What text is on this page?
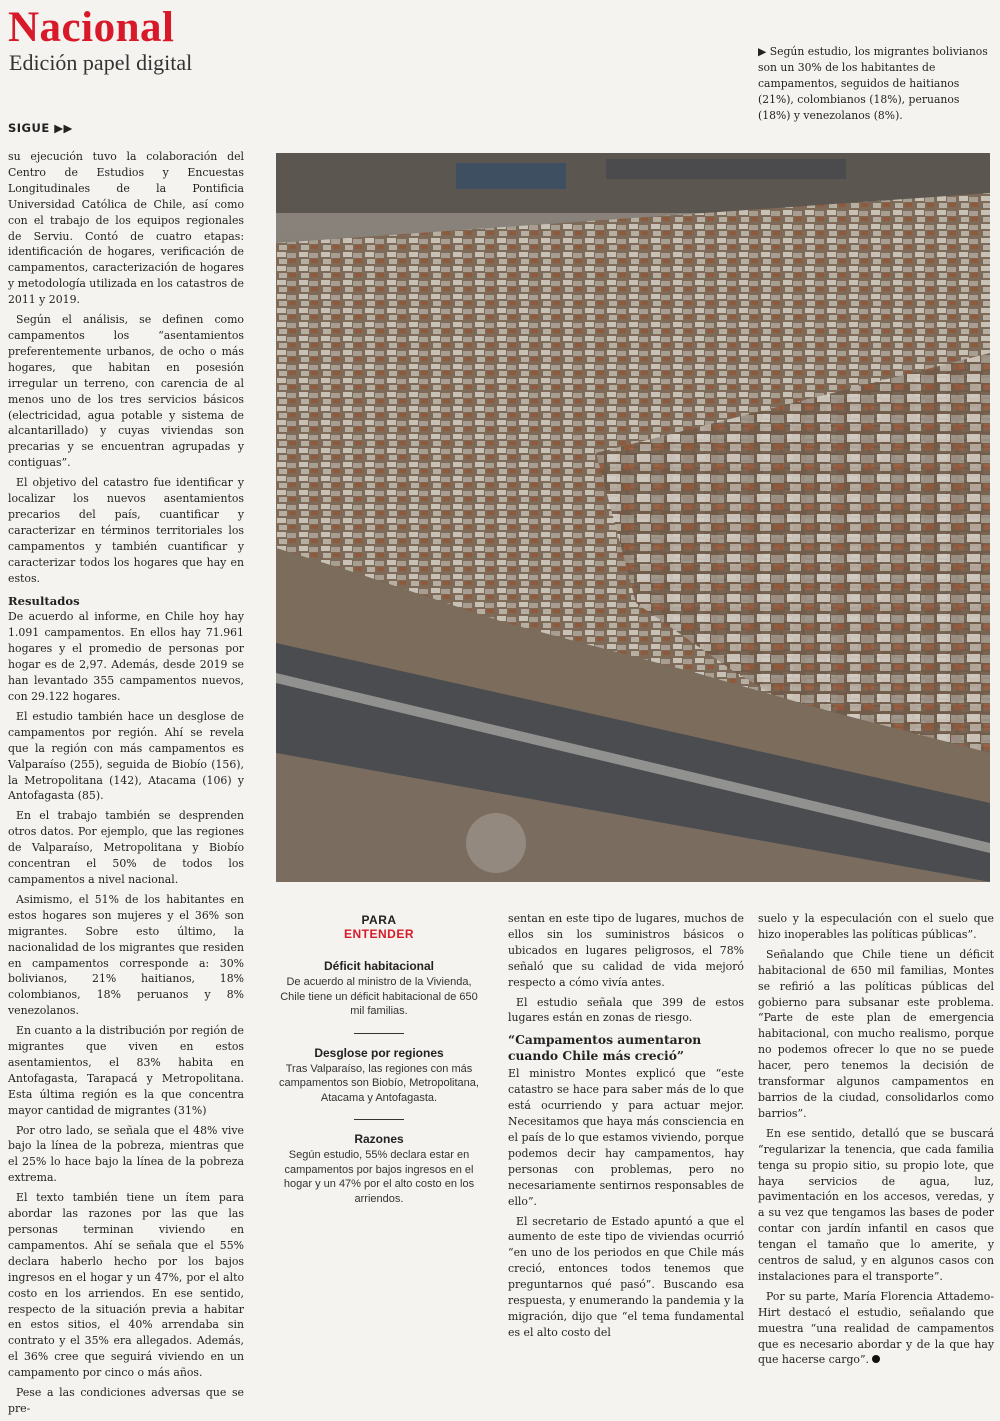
Nacional
Edición papel digital
SIGUE ▶▶
▶ Según estudio, los migrantes bolivianos son un 30% de los habitantes de campamentos, seguidos de haitianos (21%), colombianos (18%), peruanos (18%) y venezolanos (8%).

su ejecución tuvo la colaboración del Centro de Estudios y Encuestas Longitudinales de la Pontificia Universidad Católica de Chile, así como con el trabajo de los equipos regionales de Serviu. Contó de cuatro etapas: identificación de hogares, verificación de campamentos, caracterización de hogares y metodología utilizada en los catastros de 2011 y 2019.

Según el análisis, se definen como campamentos los “asentamientos preferentemente urbanos, de ocho o más hogares, que habitan en posesión irregular un terreno, con carencia de al menos uno de los tres servicios básicos (electricidad, agua potable y sistema de alcantarillado) y cuyas viviendas son precarias y se encuentran agrupadas y contiguas”.

El objetivo del catastro fue identificar y localizar los nuevos asentamientos precarios del país, cuantificar y caracterizar en términos territoriales los campamentos y también cuantificar y caracterizar todos los hogares que hay en estos.

Resultados

De acuerdo al informe, en Chile hoy hay 1.091 campamentos. En ellos hay 71.961 hogares y el promedio de personas por hogar es de 2,97. Además, desde 2019 se han levantado 355 campamentos nuevos, con 29.122 hogares.

El estudio también hace un desglose de campamentos por región. Ahí se revela que la región con más campamentos es Valparaíso (255), seguida de Biobío (156), la Metropolitana (142), Atacama (106) y Antofagasta (85).

En el trabajo también se desprenden otros datos. Por ejemplo, que las regiones de Valparaíso, Metropolitana y Biobío concentran el 50% de todos los campamentos a nivel nacional.

Asimismo, el 51% de los habitantes en estos hogares son mujeres y el 36% son migrantes. Sobre esto último, la nacionalidad de los migrantes que residen en campamentos corresponde a: 30% bolivianos, 21% haitianos, 18% colombianos, 18% peruanos y 8% venezolanos.

En cuanto a la distribución por región de migrantes que viven en estos asentamientos, el 83% habita en Antofagasta, Tarapacá y Metropolitana. Esta última región es la que concentra mayor cantidad de migrantes (31%)

Por otro lado, se señala que el 48% vive bajo la línea de la pobreza, mientras que el 25% lo hace bajo la línea de la pobreza extrema.

El texto también tiene un ítem para abordar las razones por las que las personas terminan viviendo en campamentos. Ahí se señala que el 55% declara haberlo hecho por los bajos ingresos en el hogar y un 47%, por el alto costo en los arriendos. En ese sentido, respecto de la situación previa a habitar en estos sitios, el 40% arrendaba sin contrato y el 35% era allegados. Además, el 36% cree que seguirá viviendo en un campamento por cinco o más años.

Pese a las condiciones adversas que se pre-

PARA
ENTENDER
Déficit habitacional

De acuerdo al ministro de la Vivienda, Chile tiene un déficit habitacional de 650 mil familias.

Desglose por regiones

Tras Valparaíso, las regiones con más campamentos son Biobío, Metropolitana, Atacama y Antofagasta.

Razones

Según estudio, 55% declara estar en campamentos por bajos ingresos en el hogar y un 47% por el alto costo en los arriendos.

sentan en este tipo de lugares, muchos de ellos sin los suministros básicos o ubicados en lugares peligrosos, el 78% señaló que su calidad de vida mejoró respecto a cómo vivía antes.

El estudio señala que 399 de estos lugares están en zonas de riesgo.

“Campamentos aumentaron cuando Chile más creció”

El ministro Montes explicó que “este catastro se hace para saber más de lo que está ocurriendo y para actuar mejor. Necesitamos que haya más consciencia en el país de lo que estamos viviendo, porque podemos decir hay campamentos, hay personas con problemas, pero no necesariamente sentirnos responsables de ello”.

El secretario de Estado apuntó a que el aumento de este tipo de viviendas ocurrió “en uno de los periodos en que Chile más creció, entonces todos tenemos que preguntarnos qué pasó”. Buscando esa respuesta, y enumerando la pandemia y la migración, dijo que “el tema fundamental es el alto costo del

suelo y la especulación con el suelo que hizo inoperables las políticas públicas”.

Señalando que Chile tiene un déficit habitacional de 650 mil familias, Montes se refirió a las políticas públicas del gobierno para subsanar este problema. “Parte de este plan de emergencia habitacional, con mucho realismo, porque no podemos ofrecer lo que no se puede hacer, pero tenemos la decisión de transformar algunos campamentos en barrios de la ciudad, consolidarlos como barrios”.

En ese sentido, detalló que se buscará “regularizar la tenencia, que cada familia tenga su propio sitio, su propio lote, que haya servicios de agua, luz, pavimentación en los accesos, veredas, y a su vez que tengamos las bases de poder contar con jardín infantil en casos que tengan el tamaño que lo amerite, y centros de salud, y en algunos casos con instalaciones para el transporte”.

Por su parte, María Florencia Attademo-Hirt destacó el estudio, señalando que muestra “una realidad de campamentos que es necesario abordar y de la que hay que hacerse cargo”.
